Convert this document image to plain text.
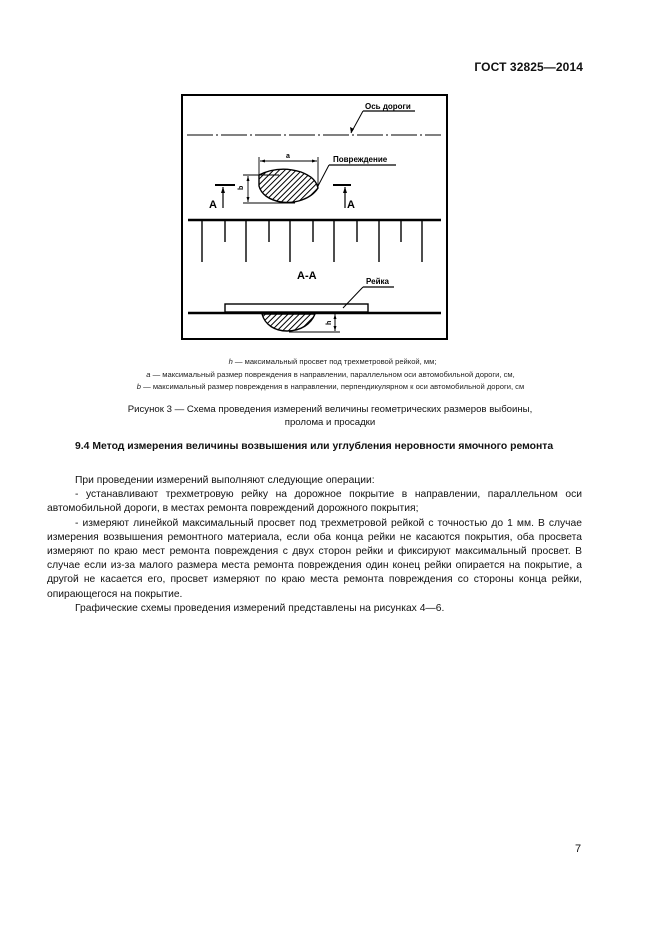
ГОСТ 32825—2014
Ось дороги
a
b
Повреждение
А	А
А-А	Рейка
h
h — максимальный просвет под трехметровой рейкой, мм;
a — максимальный размер повреждения в направлении, параллельном оси автомобильной дороги, см,
b — максимальный размер повреждения в направлении, перпендикулярном к оси автомобильной дороги, см
Рисунок 3 — Схема проведения измерений величины геометрических размеров выбоины,
пролома и просадки
9.4 Метод измерения величины возвышения или углубления неровности ямочного ремонта

При проведении измерений выполняют следующие операции:

- устанавливают трехметровую рейку на дорожное покрытие в направлении, параллельном оси автомобильной дороги, в местах ремонта повреждений дорожного покрытия;

- измеряют линейкой максимальный просвет под трехметровой рейкой с точностью до 1 мм. В случае измерения возвышения ремонтного материала, если оба конца рейки не касаются покрытия, оба просвета измеряют по краю мест ремонта повреждения с двух сторон рейки и фиксируют максимальный просвет. В случае если из-за малого размера места ремонта повреждения один конец рейки опирается на покрытие, а другой не касается его, просвет измеряют по краю места ремонта повреждения со стороны конца рейки, опирающегося на покрытие.

Графические схемы проведения измерений представлены на рисунках 4—6.

7
